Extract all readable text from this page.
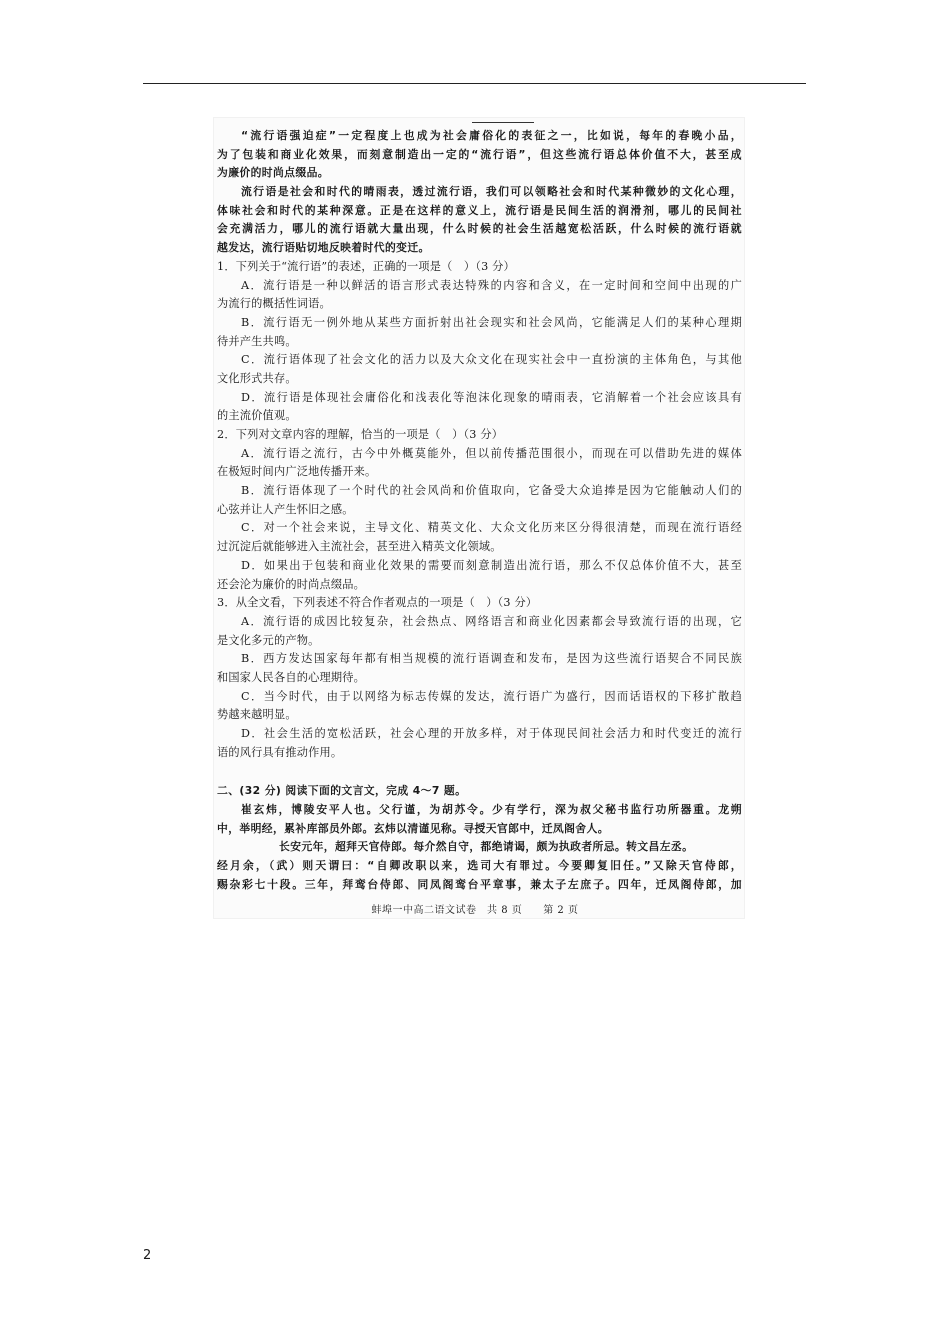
“流行语强迫症”一定程度上也成为社会庸俗化的表征之一，比如说，每年的春晚小品，
为了包装和商业化效果，而刻意制造出一定的“流行语”，但这些流行语总体价值不大，甚至成
为廉价的时尚点缀品。
流行语是社会和时代的晴雨表，透过流行语，我们可以领略社会和时代某种微妙的文化心理，
体味社会和时代的某种深意。正是在这样的意义上，流行语是民间生活的润滑剂，哪儿的民间社
会充满活力，哪儿的流行语就大量出现，什么时候的社会生活越宽松活跃，什么时候的流行语就
越发达，流行语贴切地反映着时代的变迁。
1．下列关于“流行语”的表述，正确的一项是（　）（3 分）
A．流行语是一种以鲜活的语言形式表达特殊的内容和含义，在一定时间和空间中出现的广
为流行的概括性词语。
B．流行语无一例外地从某些方面折射出社会现实和社会风尚，它能满足人们的某种心理期
待并产生共鸣。
C．流行语体现了社会文化的活力以及大众文化在现实社会中一直扮演的主体角色，与其他
文化形式共存。
D．流行语是体现社会庸俗化和浅表化等泡沫化现象的晴雨表，它消解着一个社会应该具有
的主流价值观。
2．下列对文章内容的理解，恰当的一项是（　）（3 分）
A．流行语之流行，古今中外概莫能外，但以前传播范围很小，而现在可以借助先进的媒体
在极短时间内广泛地传播开来。
B．流行语体现了一个时代的社会风尚和价值取向，它备受大众追捧是因为它能触动人们的
心弦并让人产生怀旧之感。
C．对一个社会来说，主导文化、精英文化、大众文化历来区分得很清楚，而现在流行语经
过沉淀后就能够进入主流社会，甚至进入精英文化领域。
D．如果出于包装和商业化效果的需要而刻意制造出流行语，那么不仅总体价值不大，甚至
还会沦为廉价的时尚点缀品。
3．从全文看，下列表述不符合作者观点的一项是（　）（3 分）
A．流行语的成因比较复杂，社会热点、网络语言和商业化因素都会导致流行语的出现，它
是文化多元的产物。
B．西方发达国家每年都有相当规模的流行语调查和发布，是因为这些流行语契合不同民族
和国家人民各自的心理期待。
C．当今时代，由于以网络为标志传媒的发达，流行语广为盛行，因而话语权的下移扩散趋
势越来越明显。
D．社会生活的宽松活跃，社会心理的开放多样，对于体现民间社会活力和时代变迁的流行
语的风行具有推动作用。
二、(32 分) 阅读下面的文言文，完成 4～7 题。
崔玄炜，博陵安平人也。父行谨，为胡苏令。少有学行，深为叔父秘书监行功所器重。龙朔
中，举明经，累补库部员外郎。玄炜以清谨见称。寻授天官郎中，迁凤阁舍人。
长安元年，超拜天官侍郎。每介然自守，都绝请谒，颇为执政者所忌。转文昌左丞。
经月余，（武）则天谓曰：“自卿改职以来，选司大有罪过。今要卿复旧任。”又除天官侍郎，
赐杂彩七十段。三年，拜鸾台侍郎、同凤阁鸾台平章事，兼太子左庶子。四年，迁凤阁侍郎，加
蚌埠一中高二语文试卷　共 8 页　　第 2 页
2
